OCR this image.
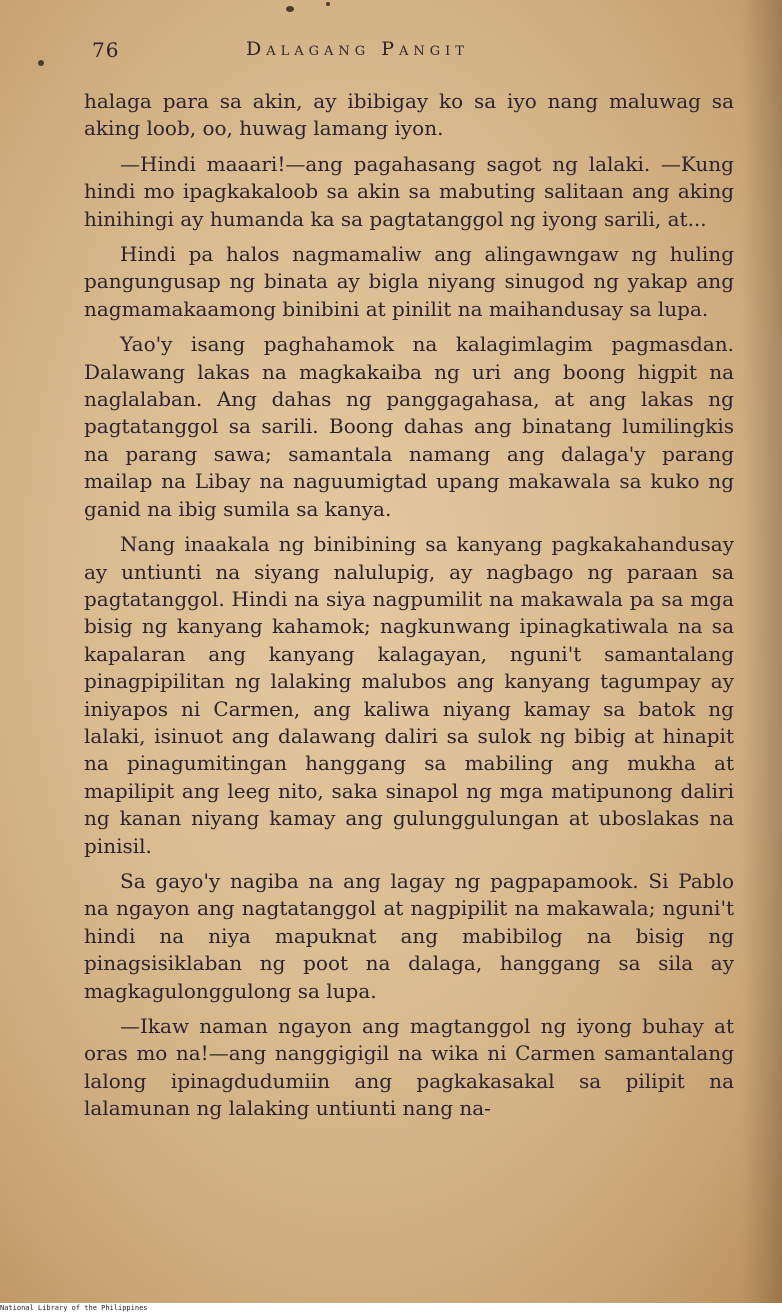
76	Dalagang Pangit

halaga para sa akin, ay ibibigay ko sa iyo nang maluwag sa aking loob, oo, huwag lamang iyon.

—Hindi maaari!—ang pagahasang sagot ng lalaki. —Kung hindi mo ipagkakaloob sa akin sa mabuting salitaan ang aking hinihingi ay humanda ka sa pagtatanggol ng iyong sarili, at...

Hindi pa halos nagmamaliw ang alingawngaw ng huling pangungusap ng binata ay bigla niyang sinugod ng yakap ang nagmamakaamong binibini at pinilit na maihandusay sa lupa.

Yao'y isang paghahamok na kalagimlagim pagmasdan. Dalawang lakas na magkakaiba ng uri ang boong higpit na naglalaban. Ang dahas ng panggagahasa, at ang lakas ng pagtatanggol sa sarili. Boong dahas ang binatang lumilingkis na parang sawa; samantala namang ang dalaga'y parang mailap na Libay na naguumigtad upang makawala sa kuko ng ganid na ibig sumila sa kanya.

Nang inaakala ng binibining sa kanyang pagkakahandusay ay untiunti na siyang nalulupig, ay nagbago ng paraan sa pagtatanggol. Hindi na siya nagpumilit na makawala pa sa mga bisig ng kanyang kahamok; nagkunwang ipinagkatiwala na sa kapalaran ang kanyang kalagayan, nguni't samantalang pinagpipilitan ng lalaking malubos ang kanyang tagumpay ay iniyapos ni Carmen, ang kaliwa niyang kamay sa batok ng lalaki, isinuot ang dalawang daliri sa sulok ng bibig at hinapit na pinagumitingan hanggang sa mabiling ang mukha at mapilipit ang leeg nito, saka sinapol ng mga matipunong daliri ng kanan niyang kamay ang gulunggulungan at uboslakas na pinisil.

Sa gayo'y nagiba na ang lagay ng pagpapamook. Si Pablo na ngayon ang nagtatanggol at nagpipilit na makawala; nguni't hindi na niya mapuknat ang mabibilog na bisig ng pinagsisiklaban ng poot na dalaga, hanggang sa sila ay magkagulonggulong sa lupa.

—Ikaw naman ngayon ang magtanggol ng iyong buhay at oras mo na!—ang nanggigigil na wika ni Carmen samantalang lalong ipinagdudumiin ang pagkakasakal sa pilipit na lalamunan ng lalaking untiunti nang na-

National Library of the Philippines
